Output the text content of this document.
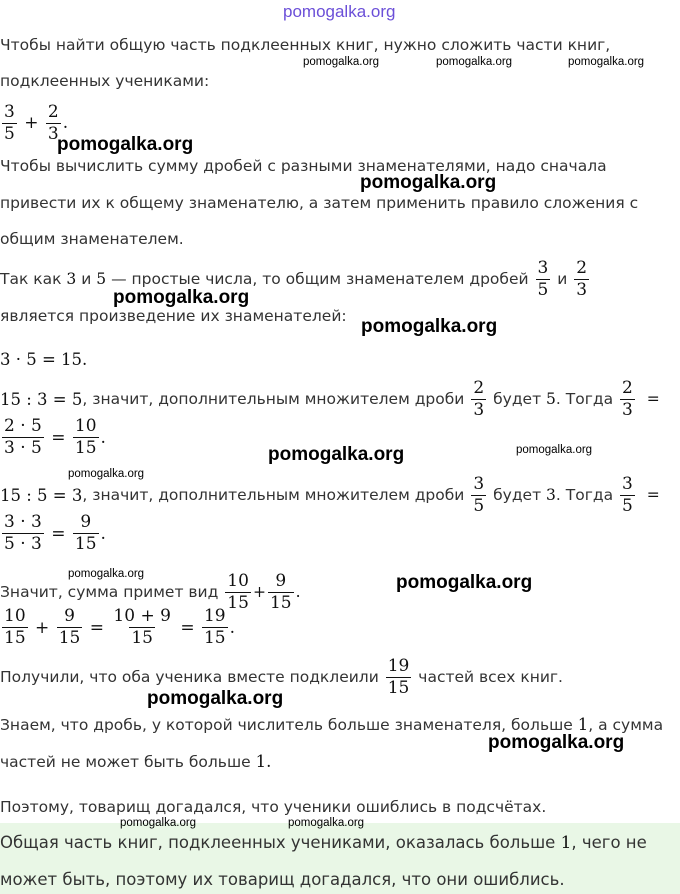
pomogalka.org
Чтобы найти общую часть подклеенных книг, нужно сложить части книг,
pomogalka.org	pomogalka.org	pomogalka.org
подклеенных учениками:
$\frac{3}{5} + \frac{2}{3}$ .
pomogalka.org
Чтобы вычислить сумму дробей с разными знаменателями, надо сначала
pomogalka.org
привести их к общему знаменателю, а затем применить правило сложения с
общим знаменателем.
Так как
3
и
5
— простые числа, то общим знаменателем дробей
$\frac{3}{5}$
и
$\frac{2}{3}$
pomogalka.org
является произведение их знаменателей: pomogalka.org
3 · 5 = 15.
15 : 3 = 5 , значит, дополнительным множителем дроби
$\frac{2}{3}$
будет
5 . Тогда
$\frac{2}{3}$
=
$\frac{2 \cdot 5}{3 \cdot 5}$
=
$\frac{10}{15}$ .
pomogalka.org	pomogalka.org
pomogalka.org
15 : 5 = 3 , значит, дополнительным множителем дроби
$\frac{3}{5}$
будет
3 . Тогда
$\frac{3}{5}$
=
$\frac{3 \cdot 3}{5 \cdot 3}$
=
$\frac{9}{15}$ .
pomogalka.org	pomogalka.org
Значит, сумма примет вид
$\frac{10}{15} + \frac{9}{15}$ .
$\frac{10}{15}$
+
$\frac{9}{15}$
=
$\frac{10 + 9}{15}$
=
$\frac{19}{15}$ .
Получили, что оба ученика вместе подклеили
$\frac{19}{15}$
частей всех книг.
pomogalka.org
Знаем, что дробь, у которой числитель больше знаменателя, больше 1, а сумма
pomogalka.org
частей не может быть больше 1.
Поэтому, товарищ догадался, что ученики ошиблись в подсчётах.
pomogalka.org	pomogalka.org
Общая часть книг, подклеенных учениками, оказалась больше 1, чего не
может быть, поэтому их товарищ догадался, что они ошиблись.
